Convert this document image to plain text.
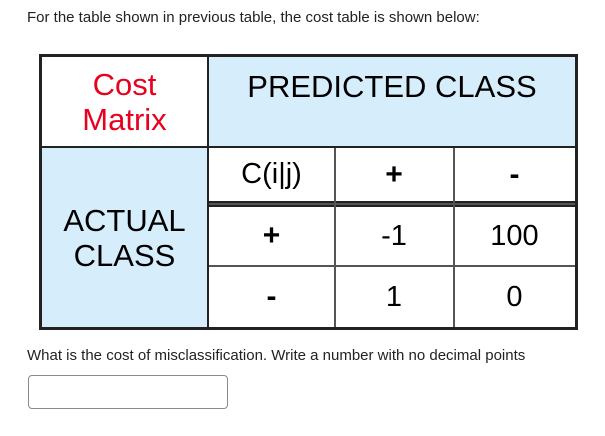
For the table shown in previous table, the cost table is shown below:
Cost
Matrix
PREDICTED CLASS
ACTUAL
CLASS
C(i|j)	+	-
+	-1	100
-	1	0
What is the cost of misclassification. Write a number with no decimal points
